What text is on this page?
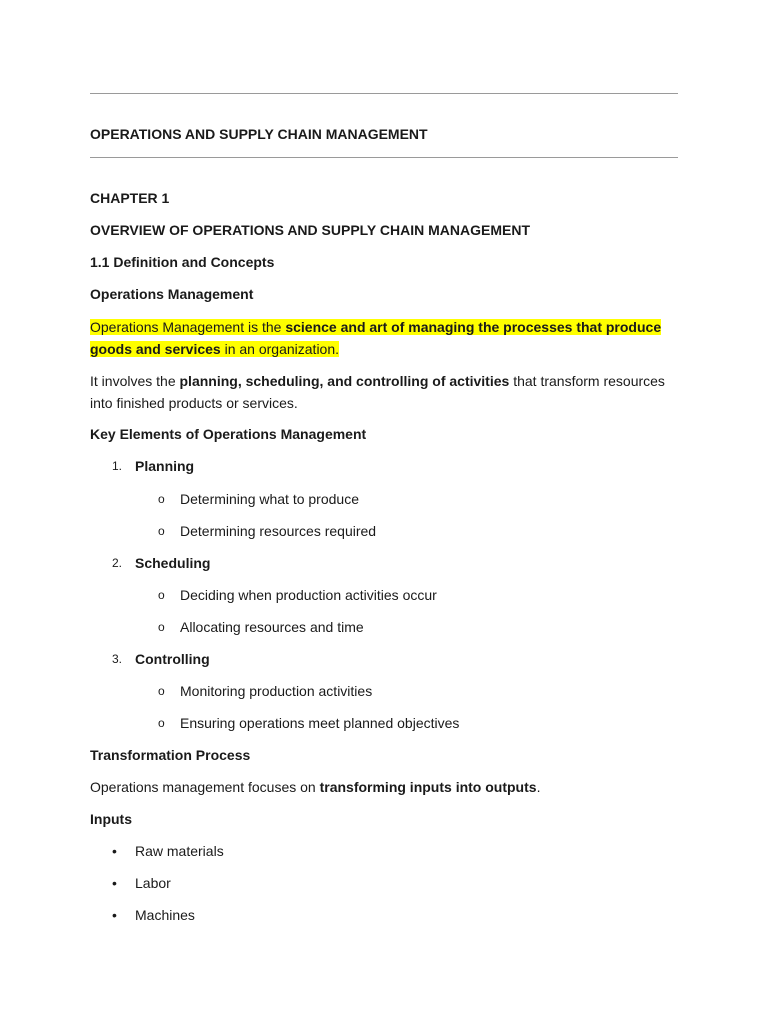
OPERATIONS AND SUPPLY CHAIN MANAGEMENT
CHAPTER 1
OVERVIEW OF OPERATIONS AND SUPPLY CHAIN MANAGEMENT
1.1 Definition and Concepts
Operations Management
Operations Management is the science and art of managing the processes that produce goods and services in an organization.
It involves the planning, scheduling, and controlling of activities that transform resources into finished products or services.
Key Elements of Operations Management
1. Planning
o Determining what to produce
o Determining resources required
2. Scheduling
o Deciding when production activities occur
o Allocating resources and time
3. Controlling
o Monitoring production activities
o Ensuring operations meet planned objectives
Transformation Process
Operations management focuses on transforming inputs into outputs.
Inputs
• Raw materials
• Labor
• Machines
